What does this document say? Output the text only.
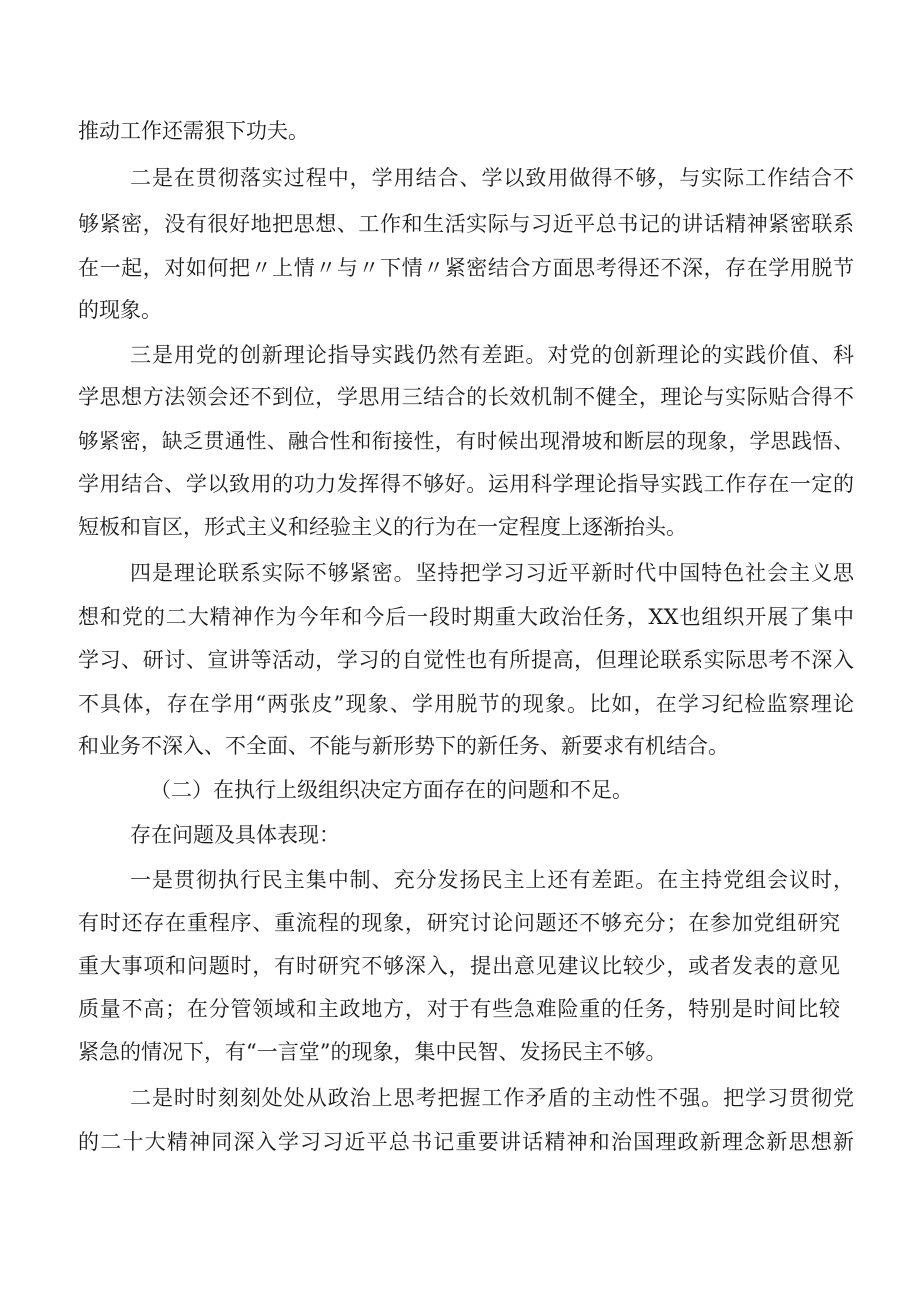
推动工作还需狠下功夫。
二是在贯彻落实过程中，学用结合、学以致用做得不够，与实际工作结合不
够紧密，没有很好地把思想、工作和生活实际与习近平总书记的讲话精神紧密联系
在一起，对如何把〃上情〃与〃下情〃紧密结合方面思考得还不深，存在学用脱节
的现象。
三是用党的创新理论指导实践仍然有差距。对党的创新理论的实践价值、科
学思想方法领会还不到位，学思用三结合的长效机制不健全，理论与实际贴合得不
够紧密，缺乏贯通性、融合性和衔接性，有时候出现滑坡和断层的现象，学思践悟、
学用结合、学以致用的功力发挥得不够好。运用科学理论指导实践工作存在一定的
短板和盲区，形式主义和经验主义的行为在一定程度上逐渐抬头。
四是理论联系实际不够紧密。坚持把学习习近平新时代中国特色社会主义思
想和党的二大精神作为今年和今后一段时期重大政治任务，XX也组织开展了集中
学习、研讨、宣讲等活动，学习的自觉性也有所提高，但理论联系实际思考不深入
不具体，存在学用“两张皮”现象、学用脱节的现象。比如，在学习纪检监察理论
和业务不深入、不全面、不能与新形势下的新任务、新要求有机结合。
（二）在执行上级组织决定方面存在的问题和不足。
存在问题及具体表现：
一是贯彻执行民主集中制、充分发扬民主上还有差距。在主持党组会议时，
有时还存在重程序、重流程的现象，研究讨论问题还不够充分；在参加党组研究
重大事项和问题时，有时研究不够深入，提出意见建议比较少，或者发表的意见
质量不高；在分管领域和主政地方，对于有些急难险重的任务，特别是时间比较
紧急的情况下，有“一言堂”的现象，集中民智、发扬民主不够。
二是时时刻刻处处从政治上思考把握工作矛盾的主动性不强。把学习贯彻党
的二十大精神同深入学习习近平总书记重要讲话精神和治国理政新理念新思想新
